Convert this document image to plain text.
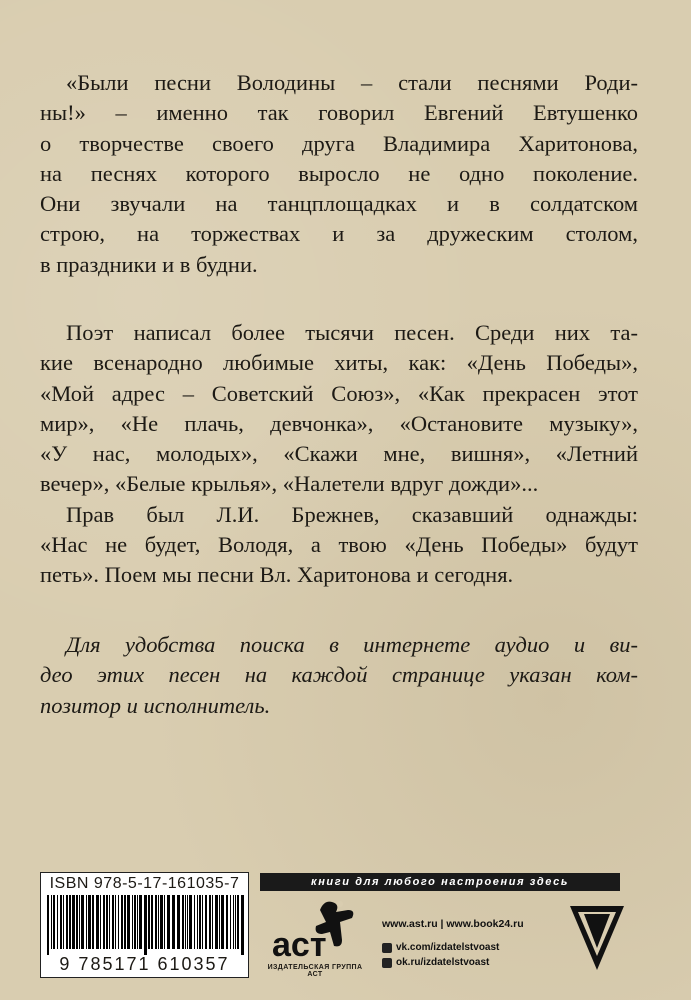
«Были песни Володины – стали песнями Роди-
ны!» – именно так говорил Евгений Евтушенко
о творчестве своего друга Владимира Харитонова,
на песнях которого выросло не одно поколение.
Они звучали на танцплощадках и в солдатском
строю, на торжествах и за дружеским столом,
в праздники и в будни.
Поэт написал более тысячи песен. Среди них та-
кие всенародно любимые хиты, как: «День Победы»,
«Мой адрес – Советский Союз», «Как прекрасен этот
мир», «Не плачь, девчонка», «Остановите музыку»,
«У нас, молодых», «Скажи мне, вишня», «Летний
вечер», «Белые крылья», «Налетели вдруг дожди»...
Прав был Л.И. Брежнев, сказавший однажды:
«Нас не будет, Володя, а твою «День Победы» будут
петь». Поем мы песни Вл. Харитонова и сегодня.
Для удобства поиска в интернете аудио и ви-
део этих песен на каждой странице указан ком-
позитор и исполнитель.
ISBN 978-5-17-161035-7
9 785171 610357
книги для любого настроения здесь
аст
ИЗДАТЕЛЬСКАЯ ГРУППА АСТ
www.ast.ru | www.book24.ru
vk.com/izdatelstvoast
ok.ru/izdatelstvoast
